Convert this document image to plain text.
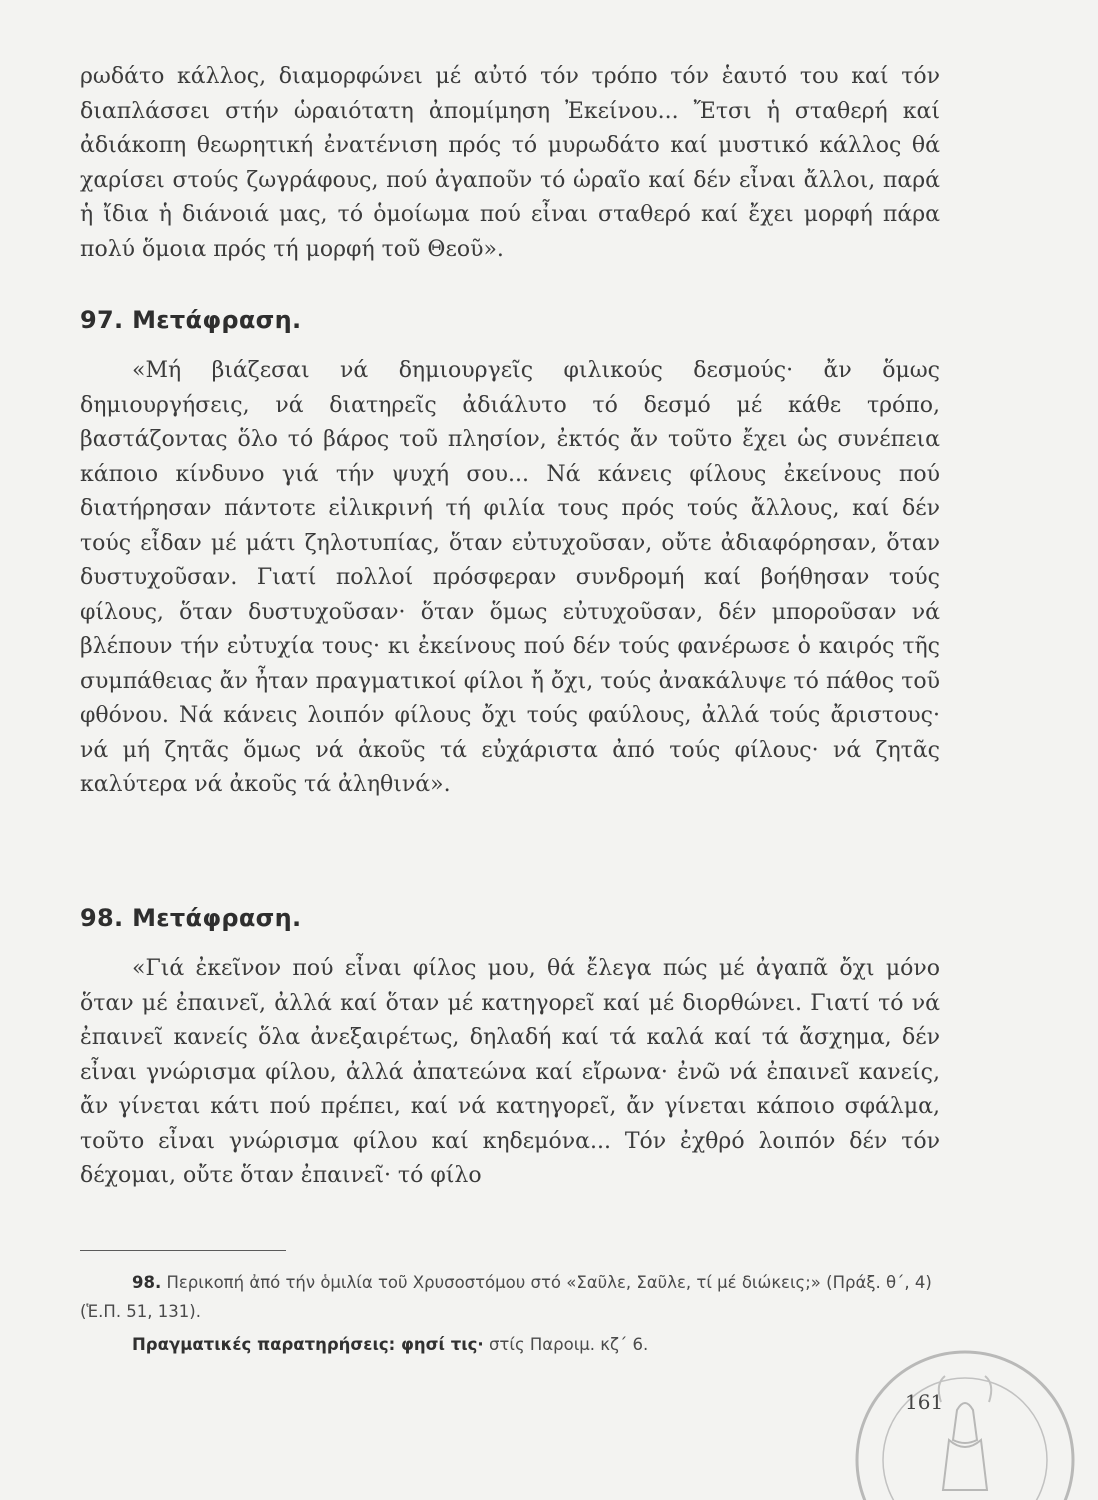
ρωδάτο κάλλος, διαμορφώνει μέ αὐτό τόν τρόπο τόν ἑαυτό του καί τόν διαπλάσσει στήν ὡραιότατη ἀπομίμηση Ἐκείνου... Ἔτσι ἡ σταθερή καί ἀδιάκοπη θεωρητική ἐνατένιση πρός τό μυρωδάτο καί μυστικό κάλλος θά χαρίσει στούς ζωγράφους, πού ἀγαποῦν τό ὡραῖο καί δέν εἶναι ἄλλοι, παρά ἡ ἴδια ἡ διάνοιά μας, τό ὁμοίωμα πού εἶναι σταθερό καί ἔχει μορφή πάρα πολύ ὅμοια πρός τή μορφή τοῦ Θεοῦ».

97. Μετάφραση.

«Μή βιάζεσαι νά δημιουργεῖς φιλικούς δεσμούς· ἄν ὅμως δημιουργήσεις, νά διατηρεῖς ἀδιάλυτο τό δεσμό μέ κάθε τρόπο, βαστάζοντας ὅλο τό βάρος τοῦ πλησίον, ἐκτός ἄν τοῦτο ἔχει ὡς συνέπεια κάποιο κίνδυνο γιά τήν ψυχή σου... Νά κάνεις φίλους ἐκείνους πού διατήρησαν πάντοτε εἰλικρινή τή φιλία τους πρός τούς ἄλλους, καί δέν τούς εἶδαν μέ μάτι ζηλοτυπίας, ὅταν εὐτυχοῦσαν, οὔτε ἀδιαφόρησαν, ὅταν δυστυχοῦσαν. Γιατί πολλοί πρόσφεραν συνδρομή καί βοήθησαν τούς φίλους, ὅταν δυστυχοῦσαν· ὅταν ὅμως εὐτυχοῦσαν, δέν μποροῦσαν νά βλέπουν τήν εὐτυχία τους· κι ἐκείνους πού δέν τούς φανέρωσε ὁ καιρός τῆς συμπάθειας ἄν ἦταν πραγματικοί φίλοι ἤ ὄχι, τούς ἀνακάλυψε τό πάθος τοῦ φθόνου. Νά κάνεις λοιπόν φίλους ὄχι τούς φαύλους, ἀλλά τούς ἄριστους· νά μή ζητᾶς ὅμως νά ἀκοῦς τά εὐχάριστα ἀπό τούς φίλους· νά ζητᾶς καλύτερα νά ἀκοῦς τά ἀληθινά».

98. Μετάφραση.

«Γιά ἐκεῖνον πού εἶναι φίλος μου, θά ἔλεγα πώς μέ ἀγαπᾶ ὄχι μόνο ὅταν μέ ἐπαινεῖ, ἀλλά καί ὅταν μέ κατηγορεῖ καί μέ διορθώνει. Γιατί τό νά ἐπαινεῖ κανείς ὅλα ἀνεξαιρέτως, δηλαδή καί τά καλά καί τά ἄσχημα, δέν εἶναι γνώρισμα φίλου, ἀλλά ἀπατεώνα καί εἴρωνα· ἐνῶ νά ἐπαινεῖ κανείς, ἄν γίνεται κάτι πού πρέπει, καί νά κατηγορεῖ, ἄν γίνεται κάποιο σφάλμα, τοῦτο εἶναι γνώρισμα φίλου καί κηδεμόνα... Τόν ἐχθρό λοιπόν δέν τόν δέχομαι, οὔτε ὅταν ἐπαινεῖ· τό φίλο

98. Περικοπή ἀπό τήν ὁμιλία τοῦ Χρυσοστόμου στό «Σαῦλε, Σαῦλε, τί μέ διώκεις;» (Πράξ. θ΄, 4) (Ἑ.Π. 51, 131).

Πραγματικές παρατηρήσεις: φησί τις· στίς Παροιμ. κζ΄ 6.

161
